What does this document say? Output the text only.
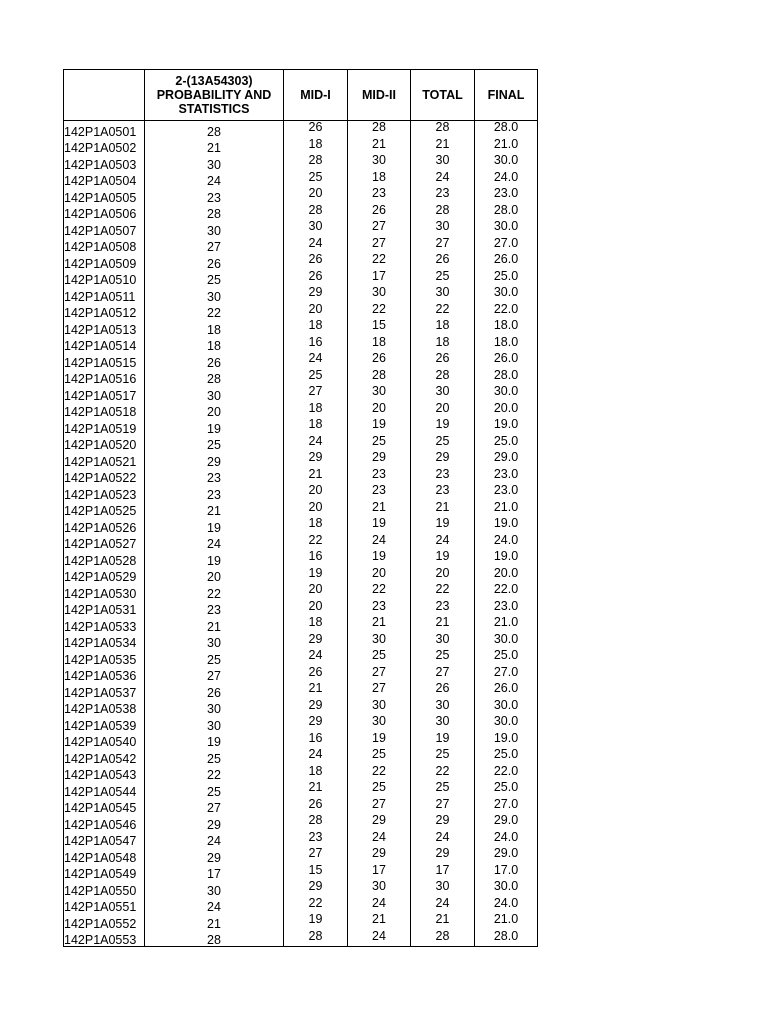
	2-(13A54303)
PROBABILITY AND
STATISTICS	MID-I	MID-II	TOTAL	FINAL
142P1A0501	28	26	28	28	28.0
142P1A0502	21	18	21	21	21.0
142P1A0503	30	28	30	30	30.0
142P1A0504	24	25	18	24	24.0
142P1A0505	23	20	23	23	23.0
142P1A0506	28	28	26	28	28.0
142P1A0507	30	30	27	30	30.0
142P1A0508	27	24	27	27	27.0
142P1A0509	26	26	22	26	26.0
142P1A0510	25	26	17	25	25.0
142P1A0511	30	29	30	30	30.0
142P1A0512	22	20	22	22	22.0
142P1A0513	18	18	15	18	18.0
142P1A0514	18	16	18	18	18.0
142P1A0515	26	24	26	26	26.0
142P1A0516	28	25	28	28	28.0
142P1A0517	30	27	30	30	30.0
142P1A0518	20	18	20	20	20.0
142P1A0519	19	18	19	19	19.0
142P1A0520	25	24	25	25	25.0
142P1A0521	29	29	29	29	29.0
142P1A0522	23	21	23	23	23.0
142P1A0523	23	20	23	23	23.0
142P1A0525	21	20	21	21	21.0
142P1A0526	19	18	19	19	19.0
142P1A0527	24	22	24	24	24.0
142P1A0528	19	16	19	19	19.0
142P1A0529	20	19	20	20	20.0
142P1A0530	22	20	22	22	22.0
142P1A0531	23	20	23	23	23.0
142P1A0533	21	18	21	21	21.0
142P1A0534	30	29	30	30	30.0
142P1A0535	25	24	25	25	25.0
142P1A0536	27	26	27	27	27.0
142P1A0537	26	21	27	26	26.0
142P1A0538	30	29	30	30	30.0
142P1A0539	30	29	30	30	30.0
142P1A0540	19	16	19	19	19.0
142P1A0542	25	24	25	25	25.0
142P1A0543	22	18	22	22	22.0
142P1A0544	25	21	25	25	25.0
142P1A0545	27	26	27	27	27.0
142P1A0546	29	28	29	29	29.0
142P1A0547	24	23	24	24	24.0
142P1A0548	29	27	29	29	29.0
142P1A0549	17	15	17	17	17.0
142P1A0550	30	29	30	30	30.0
142P1A0551	24	22	24	24	24.0
142P1A0552	21	19	21	21	21.0
142P1A0553	28	28	24	28	28.0
